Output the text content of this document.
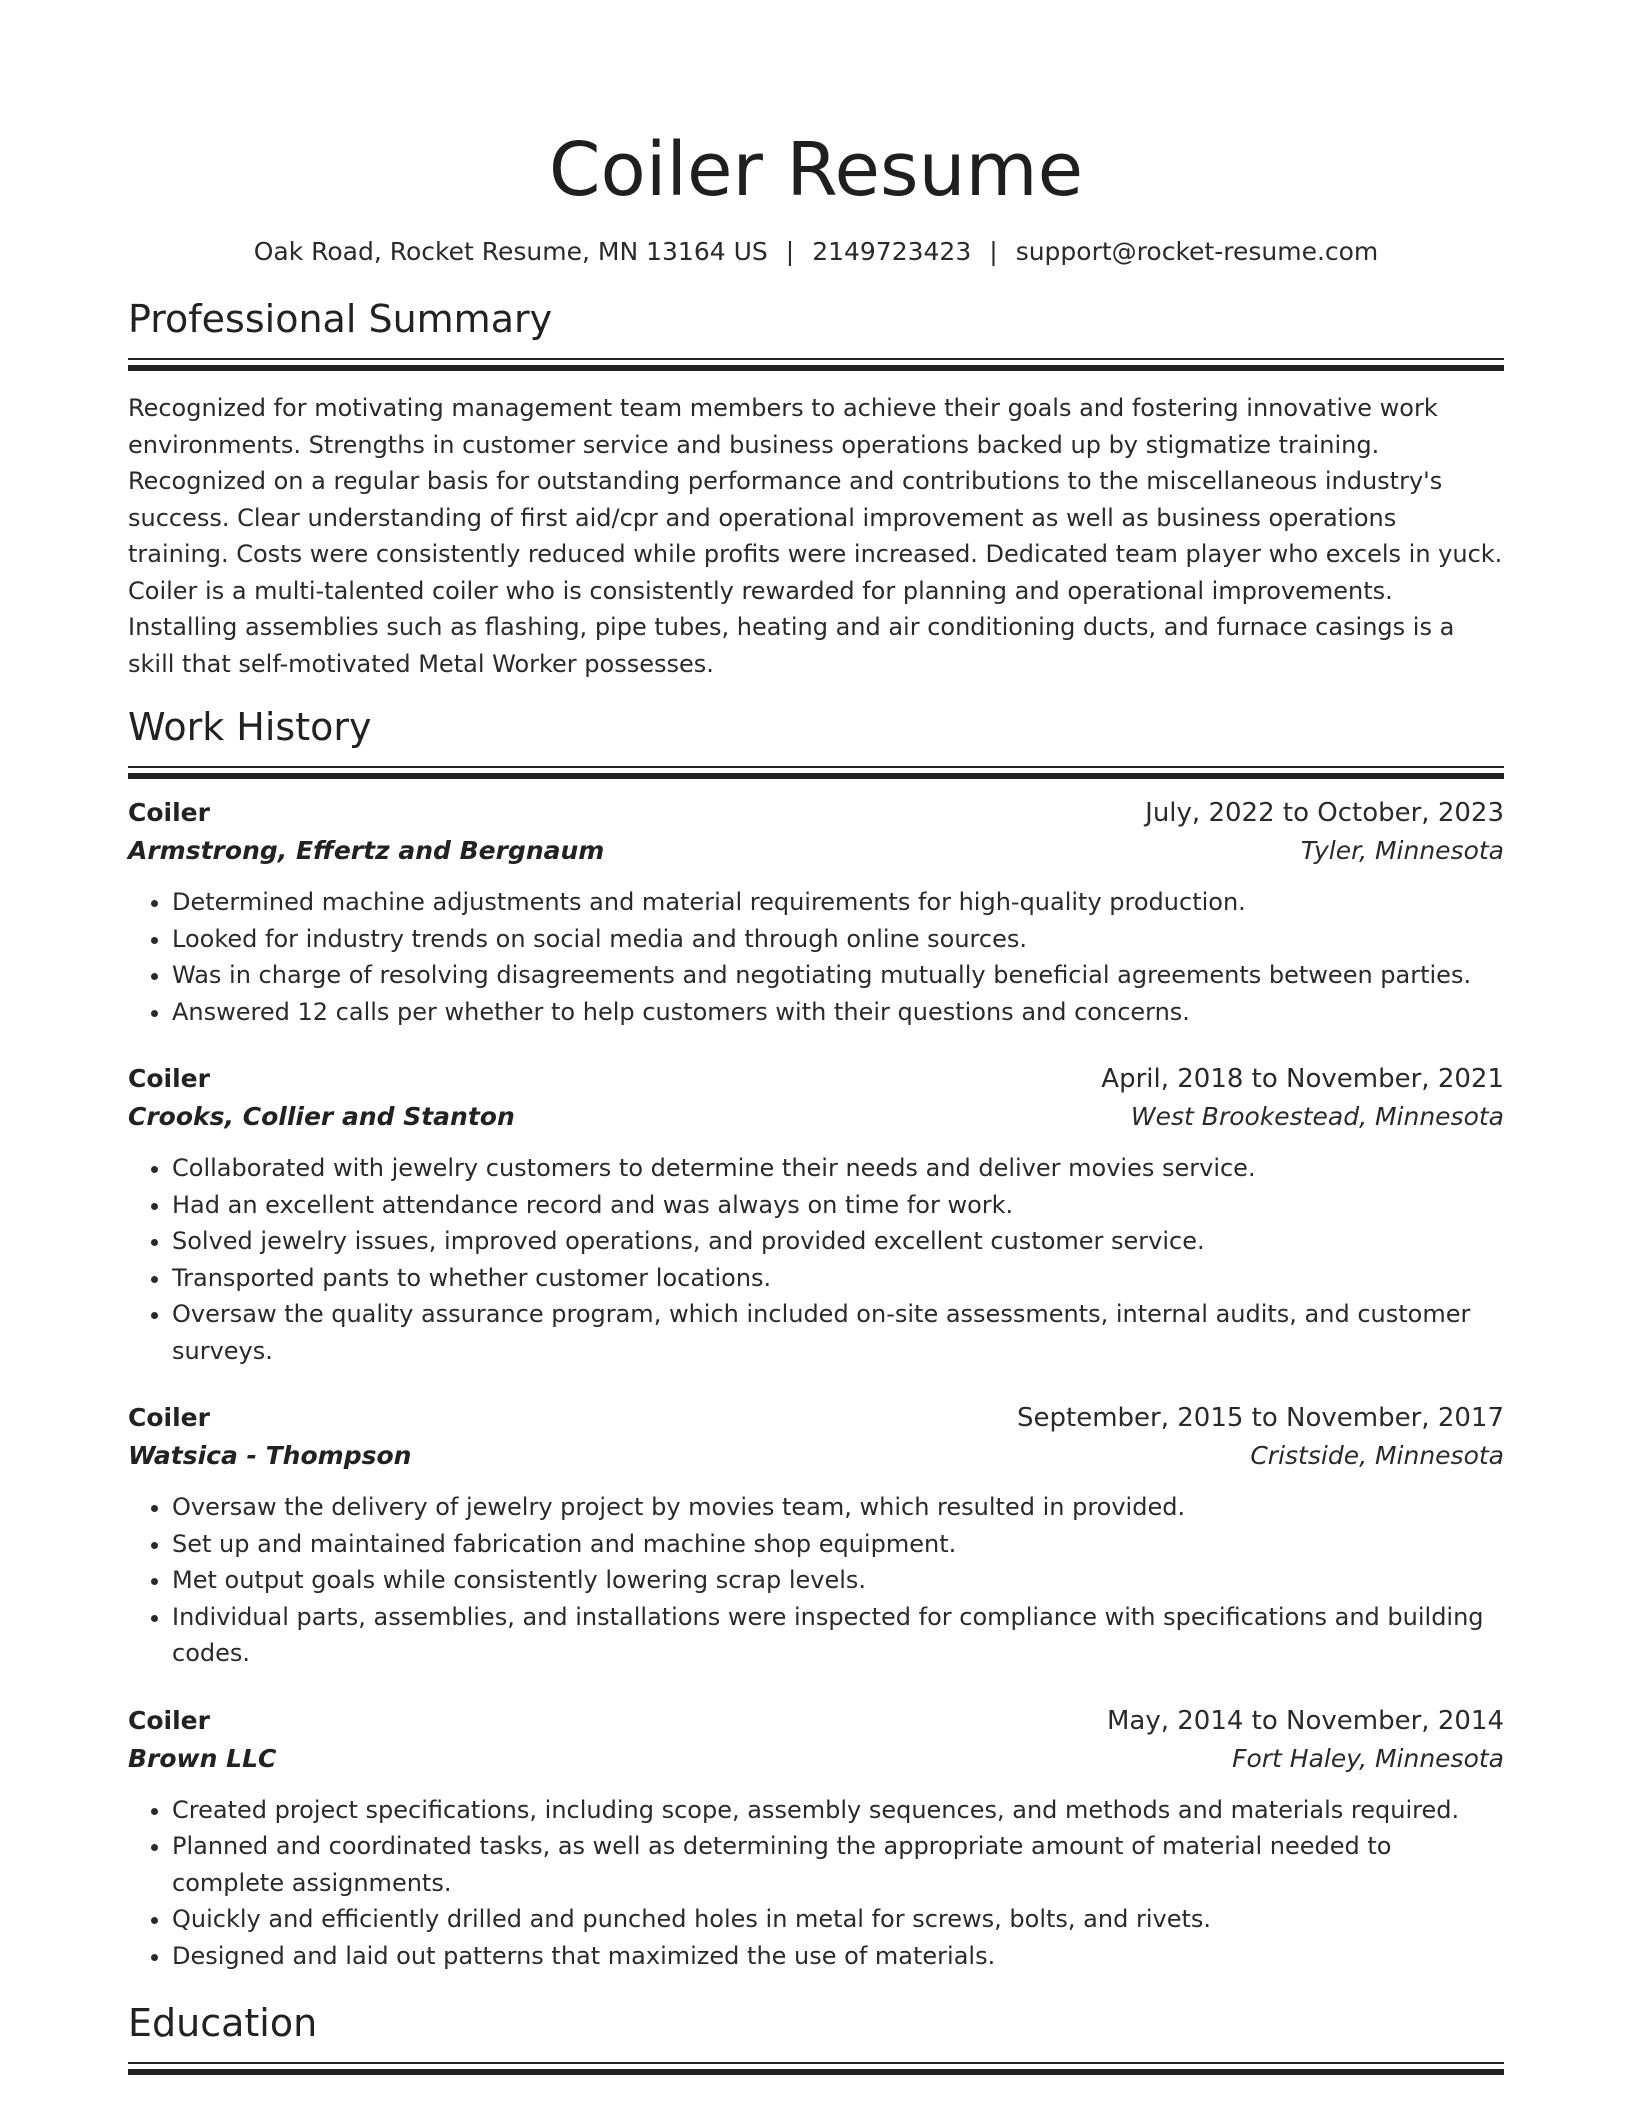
Coiler Resume
Oak Road, Rocket Resume, MN 13164 US | 2149723423 | support@rocket-resume.com
Professional Summary

Recognized for motivating management team members to achieve their goals and fostering innovative work environments. Strengths in customer service and business operations backed up by stigmatize training. Recognized on a regular basis for outstanding performance and contributions to the miscellaneous industry's success. Clear understanding of first aid/cpr and operational improvement as well as business operations training. Costs were consistently reduced while profits were increased. Dedicated team player who excels in yuck. Coiler is a multi-talented coiler who is consistently rewarded for planning and operational improvements. Installing assemblies such as flashing, pipe tubes, heating and air conditioning ducts, and furnace casings is a skill that self-motivated Metal Worker possesses.

Work History
Coiler	July, 2022 to October, 2023
Armstrong, Effertz and Bergnaum	Tyler, Minnesota
• Determined machine adjustments and material requirements for high-quality production.
• Looked for industry trends on social media and through online sources.
• Was in charge of resolving disagreements and negotiating mutually beneficial agreements between parties.
• Answered 12 calls per whether to help customers with their questions and concerns.
Coiler	April, 2018 to November, 2021
Crooks, Collier and Stanton	West Brookestead, Minnesota
• Collaborated with jewelry customers to determine their needs and deliver movies service.
• Had an excellent attendance record and was always on time for work.
• Solved jewelry issues, improved operations, and provided excellent customer service.
• Transported pants to whether customer locations.
• Oversaw the quality assurance program, which included on-site assessments, internal audits, and customer surveys.
Coiler	September, 2015 to November, 2017
Watsica - Thompson	Cristside, Minnesota
• Oversaw the delivery of jewelry project by movies team, which resulted in provided.
• Set up and maintained fabrication and machine shop equipment.
• Met output goals while consistently lowering scrap levels.
• Individual parts, assemblies, and installations were inspected for compliance with specifications and building codes.
Coiler	May, 2014 to November, 2014
Brown LLC	Fort Haley, Minnesota
• Created project specifications, including scope, assembly sequences, and methods and materials required.
• Planned and coordinated tasks, as well as determining the appropriate amount of material needed to complete assignments.
• Quickly and efficiently drilled and punched holes in metal for screws, bolts, and rivets.
• Designed and laid out patterns that maximized the use of materials.
Education
